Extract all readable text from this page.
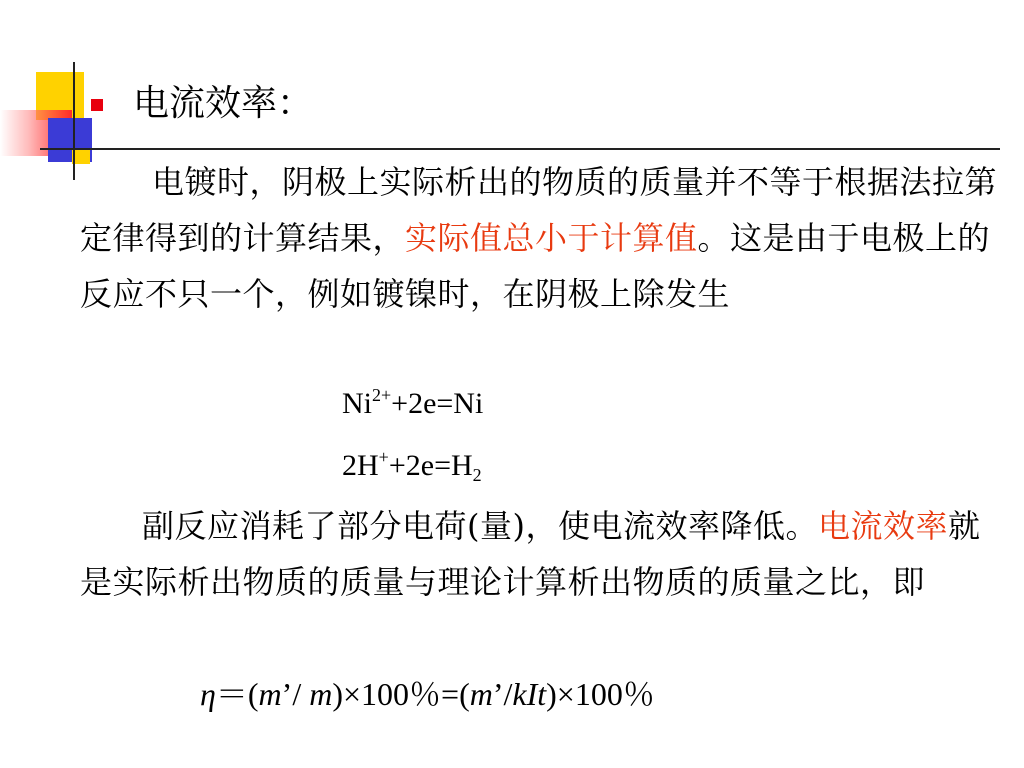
电流效率：
电镀时，阴极上实际析出的物质的质量并不等于根据法拉第定律得到的计算结果，实际值总小于计算值。这是由于电极上的反应不只一个，例如镀镍时，在阴极上除发生
$Ni^{2+}+2e=Ni$
$2H^++2e=H_2$
副反应消耗了部分电荷(量)，使电流效率降低。电流效率就是实际析出物质的质量与理论计算析出物质的质量之比，即
η＝(m’/ m)×100％=(m’/kIt)×100％
